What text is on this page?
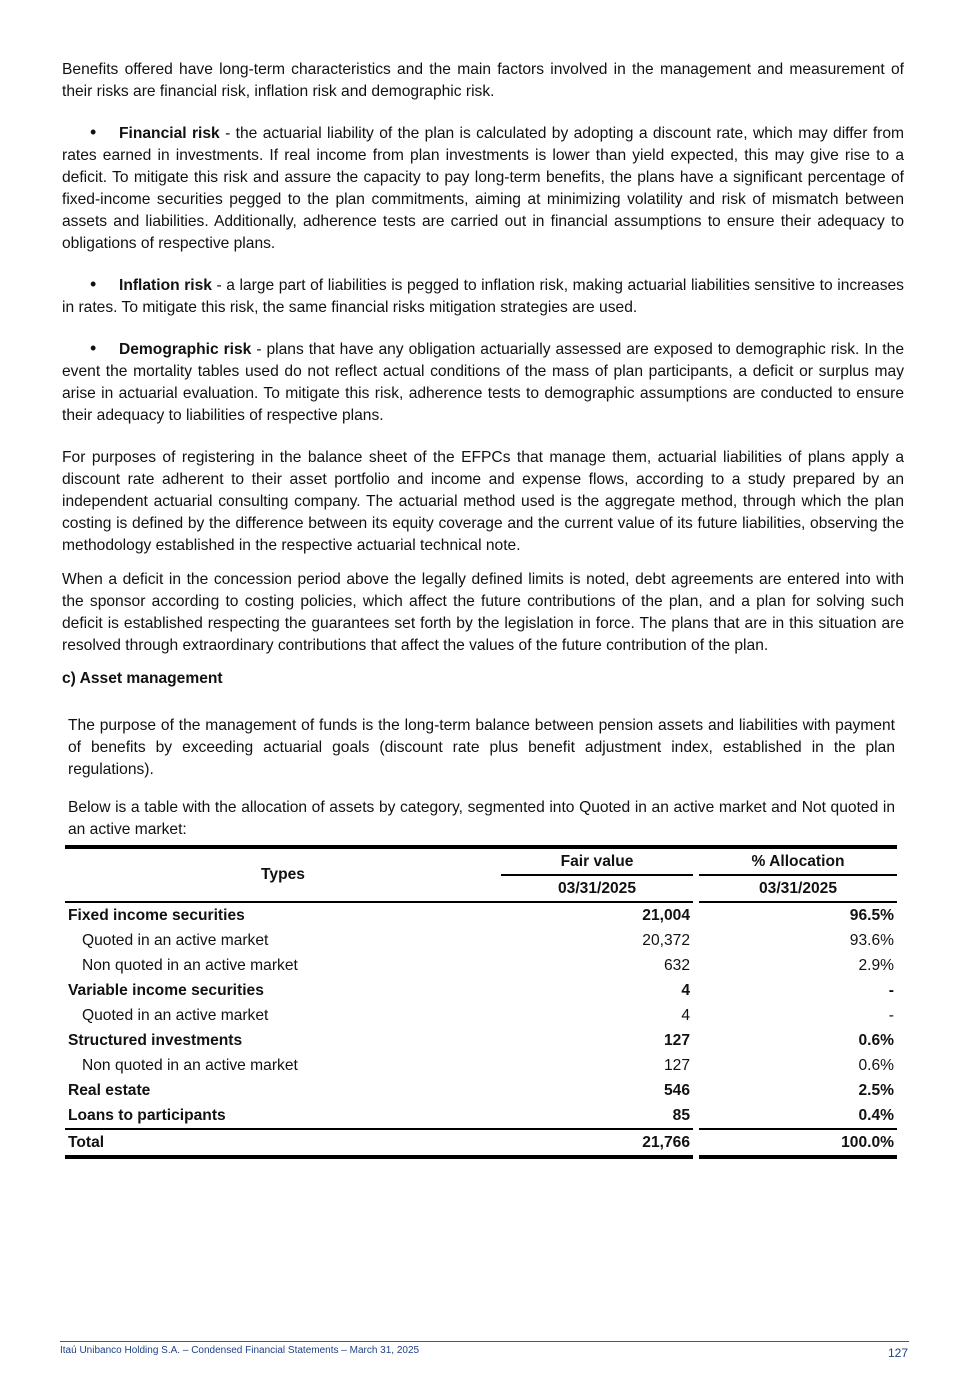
Benefits offered have long-term characteristics and the main factors involved in the management and measurement of their risks are financial risk, inflation risk and demographic risk.

• Financial risk - the actuarial liability of the plan is calculated by adopting a discount rate, which may differ from rates earned in investments. If real income from plan investments is lower than yield expected, this may give rise to a deficit. To mitigate this risk and assure the capacity to pay long-term benefits, the plans have a significant percentage of fixed-income securities pegged to the plan commitments, aiming at minimizing volatility and risk of mismatch between assets and liabilities. Additionally, adherence tests are carried out in financial assumptions to ensure their adequacy to obligations of respective plans.

• Inflation risk - a large part of liabilities is pegged to inflation risk, making actuarial liabilities sensitive to increases in rates. To mitigate this risk, the same financial risks mitigation strategies are used.

• Demographic risk - plans that have any obligation actuarially assessed are exposed to demographic risk. In the event the mortality tables used do not reflect actual conditions of the mass of plan participants, a deficit or surplus may arise in actuarial evaluation. To mitigate this risk, adherence tests to demographic assumptions are conducted to ensure their adequacy to liabilities of respective plans.

For purposes of registering in the balance sheet of the EFPCs that manage them, actuarial liabilities of plans apply a discount rate adherent to their asset portfolio and income and expense flows, according to a study prepared by an independent actuarial consulting company. The actuarial method used is the aggregate method, through which the plan costing is defined by the difference between its equity coverage and the current value of its future liabilities, observing the methodology established in the respective actuarial technical note.

When a deficit in the concession period above the legally defined limits is noted, debt agreements are entered into with the sponsor according to costing policies, which affect the future contributions of the plan, and a plan for solving such deficit is established respecting the guarantees set forth by the legislation in force. The plans that are in this situation are resolved through extraordinary contributions that affect the values of the future contribution of the plan.

c) Asset management

The purpose of the management of funds is the long-term balance between pension assets and liabilities with payment of benefits by exceeding actuarial goals (discount rate plus benefit adjustment index, established in the plan regulations).

Below is a table with the allocation of assets by category, segmented into Quoted in an active market and Not quoted in an active market:

Types	Fair value		% Allocation
	03/31/2025		03/31/2025
Fixed income securities	21,004		96.5%
Quoted in an active market	20,372		93.6%
Non quoted in an active market	632		2.9%
Variable income securities	4		-
Quoted in an active market	4		-
Structured investments	127		0.6%
Non quoted in an active market	127		0.6%
Real estate	546		2.5%
Loans to participants	85		0.4%
Total	21,766		100.0%
Itaú Unibanco Holding S.A. – Condensed Financial Statements – March 31, 2025	127
